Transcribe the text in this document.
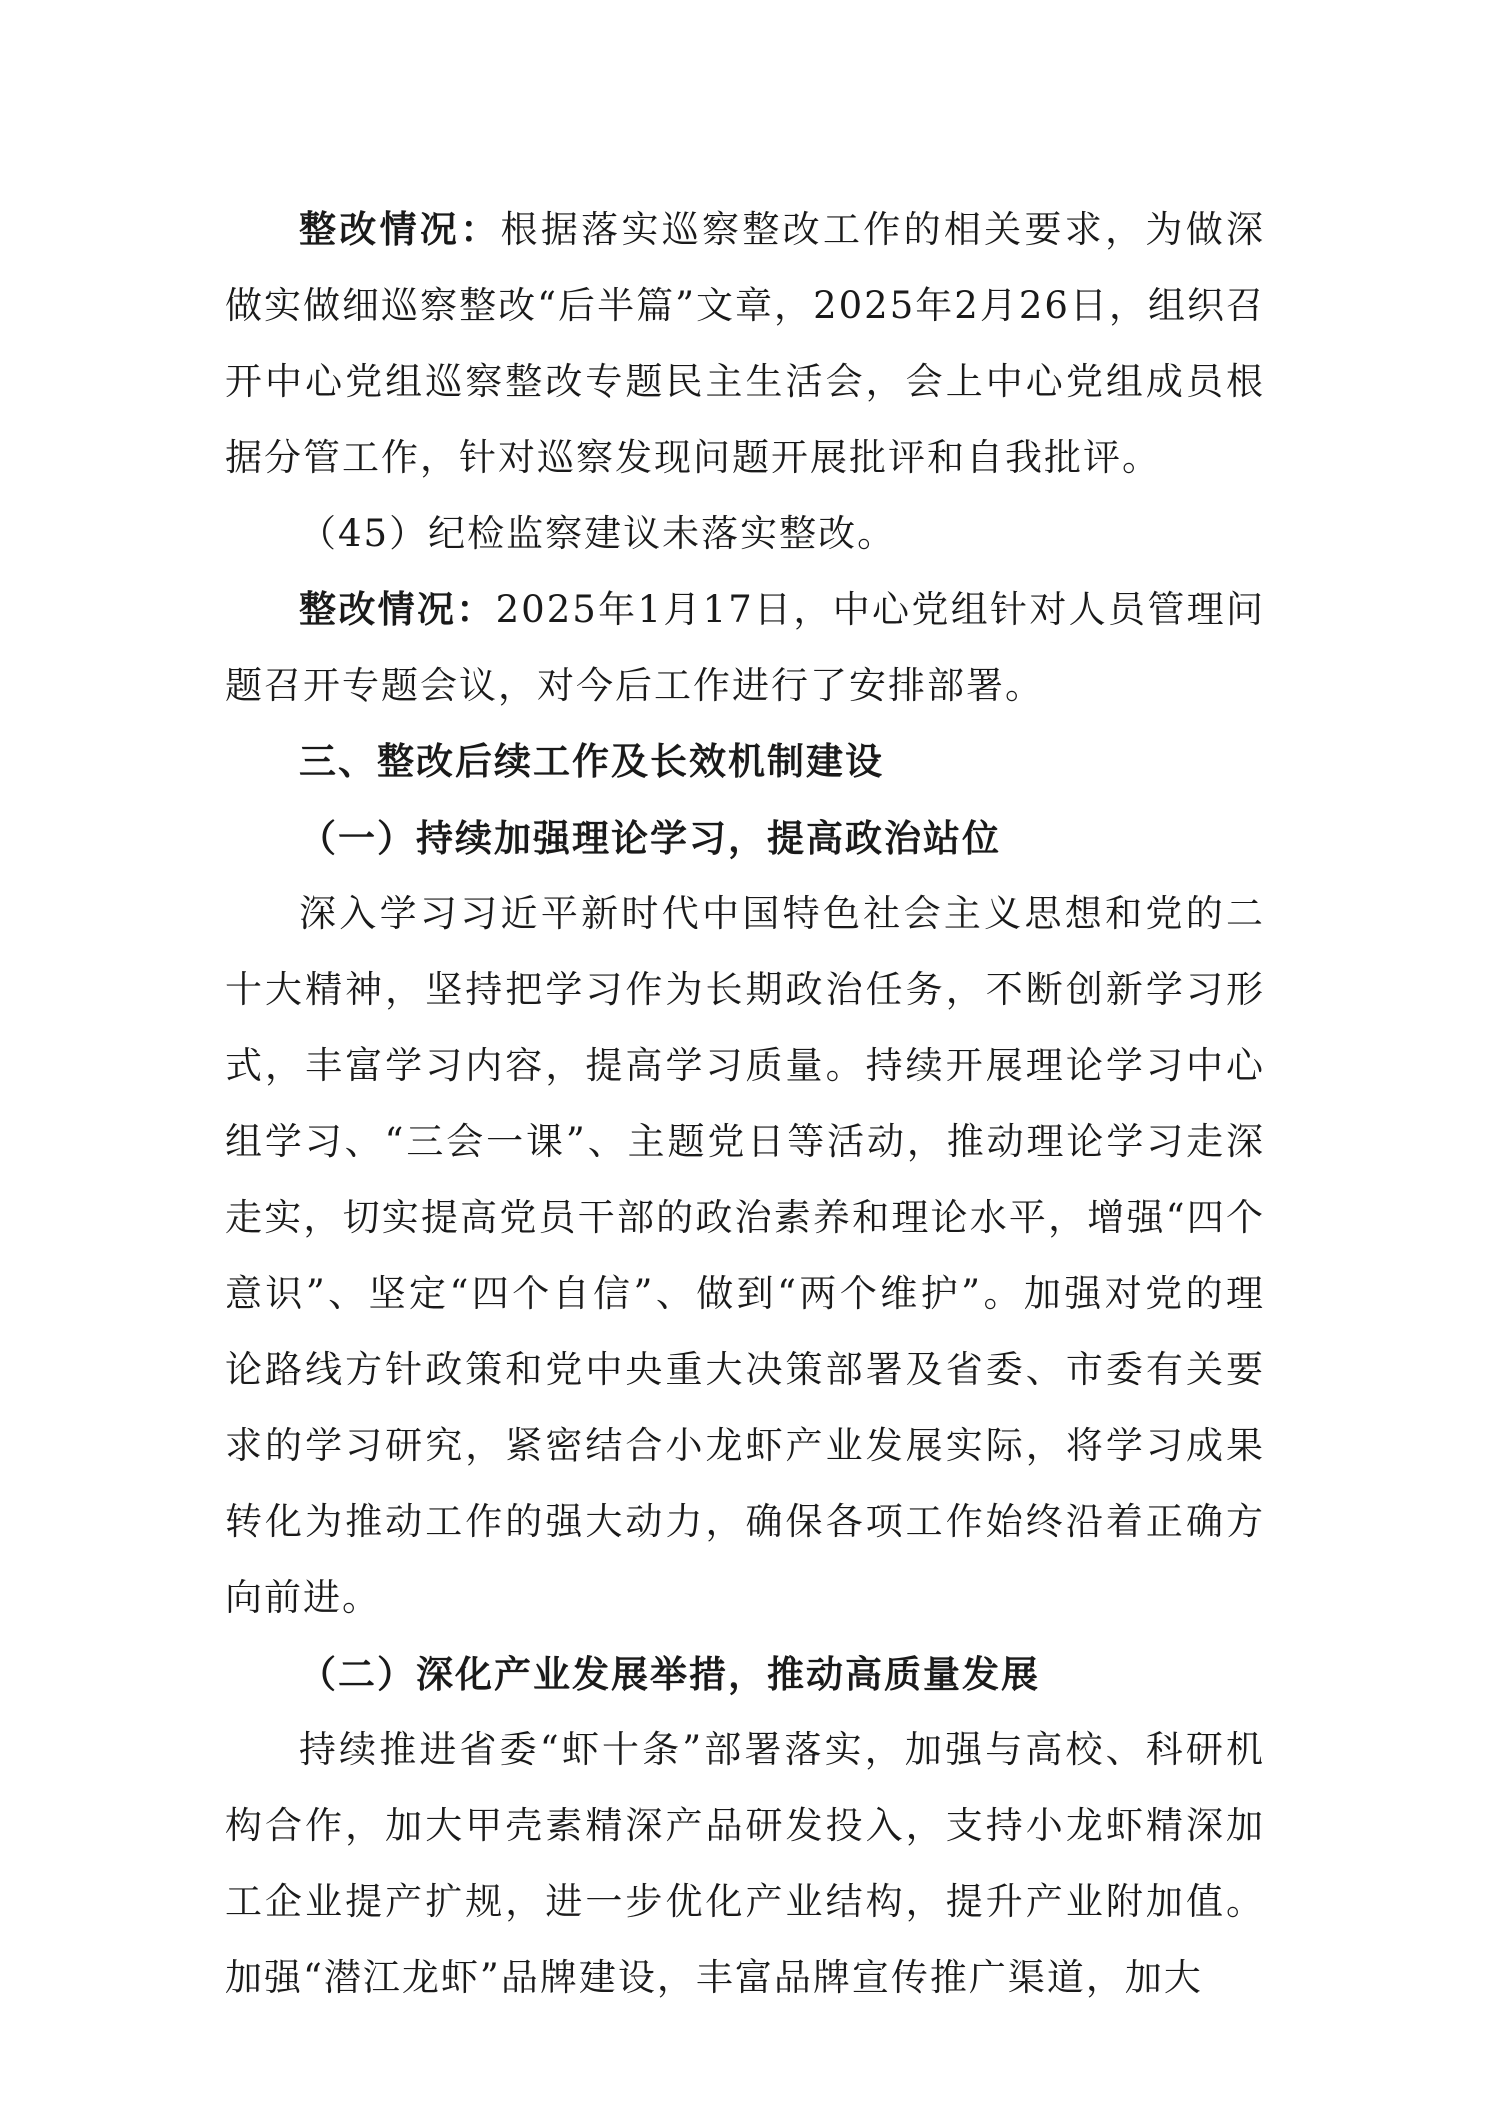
整改情况：根据落实巡察整改工作的相关要求，为做深做实做细巡察整改“后半篇”文章，2025年2月26日，组织召开中心党组巡察整改专题民主生活会，会上中心党组成员根据分管工作，针对巡察发现问题开展批评和自我批评。

（45）纪检监察建议未落实整改。

整改情况：2025年1月17日，中心党组针对人员管理问题召开专题会议，对今后工作进行了安排部署。

三、整改后续工作及长效机制建设

（一）持续加强理论学习，提高政治站位

深入学习习近平新时代中国特色社会主义思想和党的二十大精神，坚持把学习作为长期政治任务，不断创新学习形式，丰富学习内容，提高学习质量。持续开展理论学习中心组学习、“三会一课”、主题党日等活动，推动理论学习走深走实，切实提高党员干部的政治素养和理论水平，增强“四个意识”、坚定“四个自信”、做到“两个维护”。加强对党的理论路线方针政策和党中央重大决策部署及省委、市委有关要求的学习研究，紧密结合小龙虾产业发展实际，将学习成果转化为推动工作的强大动力，确保各项工作始终沿着正确方向前进。

（二）深化产业发展举措，推动高质量发展

持续推进省委“虾十条”部署落实，加强与高校、科研机构合作，加大甲壳素精深产品研发投入，支持小龙虾精深加工企业提产扩规，进一步优化产业结构，提升产业附加值。加强“潜江龙虾”品牌建设，丰富品牌宣传推广渠道，加大
